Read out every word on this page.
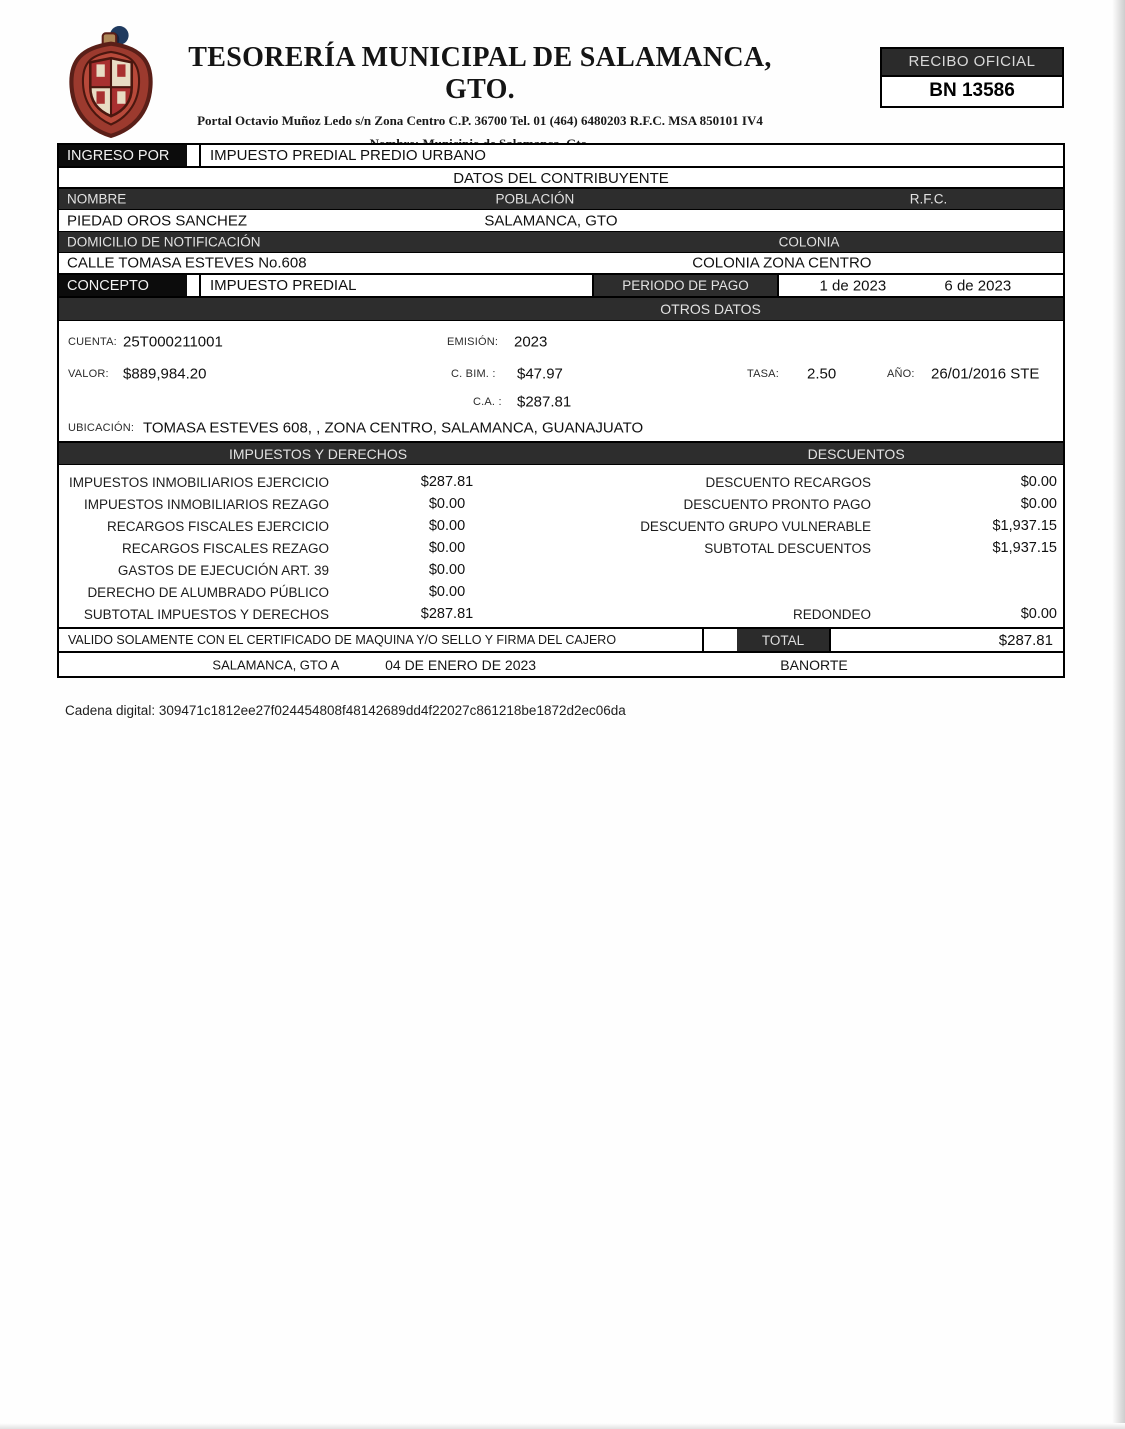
TESORERÍA MUNICIPAL DE SALAMANCA, GTO.
Portal Octavio Muñoz Ledo s/n Zona Centro C.P. 36700 Tel. 01 (464) 6480203 R.F.C. MSA 850101 IV4
RECIBO OFICIAL
BN 13586
INGRESO POR	IMPUESTO PREDIAL PREDIO URBANO
DATOS DEL CONTRIBUYENTE
NOMBRE	POBLACIÓN	R.F.C.
PIEDAD OROS SANCHEZ	SALAMANCA, GTO
DOMICILIO DE NOTIFICACIÓN	COLONIA
CALLE TOMASA ESTEVES No.608	COLONIA ZONA CENTRO
CONCEPTO	IMPUESTO PREDIAL	PERIODO DE PAGO	1 de 2023	6 de 2023
OTROS DATOS
CUENTA: 25T000211001	EMISIÓN: 2023
VALOR: $889,984.20	C. BIM. : $47.97	TASA: 2.50	AÑO: 26/01/2016 STE
C.A. : $287.81
UBICACIÓN: TOMASA ESTEVES 608, , ZONA CENTRO, SALAMANCA, GUANAJUATO
IMPUESTOS Y DERECHOS	DESCUENTOS
IMPUESTOS INMOBILIARIOS EJERCICIO	$287.81	DESCUENTO RECARGOS	$0.00
IMPUESTOS INMOBILIARIOS REZAGO	$0.00	DESCUENTO PRONTO PAGO	$0.00
RECARGOS FISCALES EJERCICIO	$0.00	DESCUENTO GRUPO VULNERABLE	$1,937.15
RECARGOS FISCALES REZAGO	$0.00	SUBTOTAL DESCUENTOS	$1,937.15
GASTOS DE EJECUCIÓN ART. 39	$0.00
DERECHO DE ALUMBRADO PÚBLICO	$0.00
SUBTOTAL IMPUESTOS Y DERECHOS	$287.81	REDONDEO	$0.00
VALIDO SOLAMENTE CON EL CERTIFICADO DE MAQUINA Y/O SELLO Y FIRMA DEL CAJERO	TOTAL	$287.81
SALAMANCA, GTO A	04 DE ENERO DE 2023	BANORTE
Cadena digital: 309471c1812ee27f024454808f48142689dd4f22027c861218be1872d2ec06da
